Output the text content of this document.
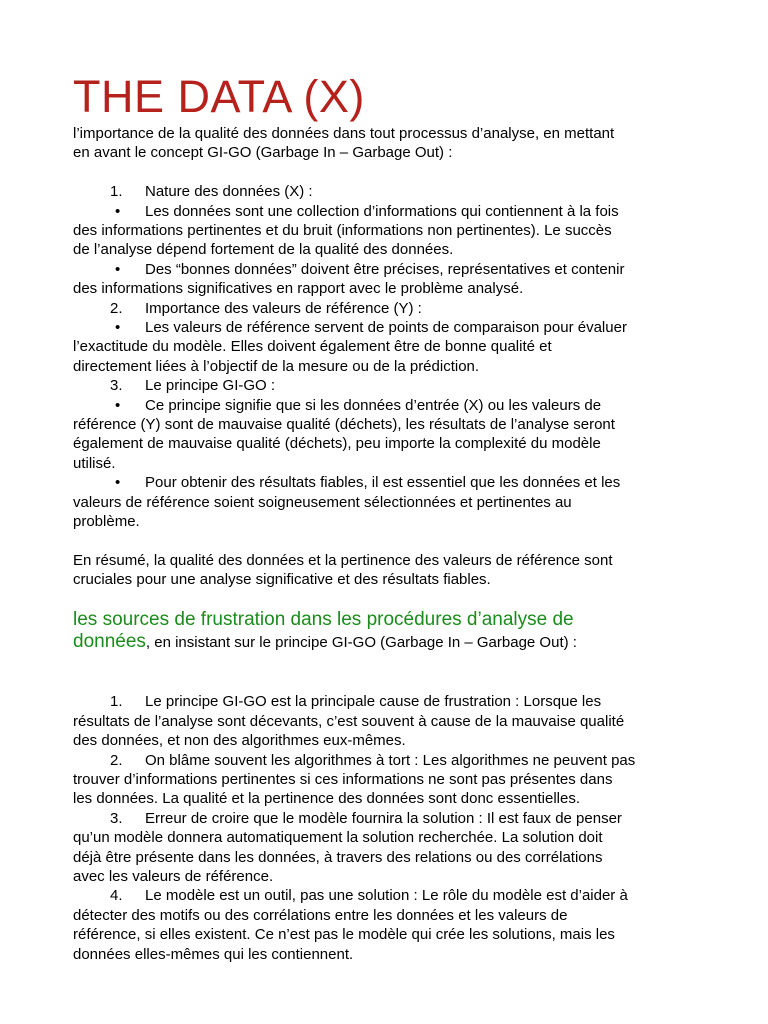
THE DATA (X)
l’importance de la qualité des données dans tout processus d’analyse, en mettant
en avant le concept GI-GO (Garbage In – Garbage Out) :
1. Nature des données (X) :
• Les données sont une collection d’informations qui contiennent à la fois
des informations pertinentes et du bruit (informations non pertinentes). Le succès
de l’analyse dépend fortement de la qualité des données.
• Des “bonnes données” doivent être précises, représentatives et contenir
des informations significatives en rapport avec le problème analysé.
2. Importance des valeurs de référence (Y) :
• Les valeurs de référence servent de points de comparaison pour évaluer
l’exactitude du modèle. Elles doivent également être de bonne qualité et
directement liées à l’objectif de la mesure ou de la prédiction.
3. Le principe GI-GO :
• Ce principe signifie que si les données d’entrée (X) ou les valeurs de
référence (Y) sont de mauvaise qualité (déchets), les résultats de l’analyse seront
également de mauvaise qualité (déchets), peu importe la complexité du modèle
utilisé.
• Pour obtenir des résultats fiables, il est essentiel que les données et les
valeurs de référence soient soigneusement sélectionnées et pertinentes au
problème.
En résumé, la qualité des données et la pertinence des valeurs de référence sont
cruciales pour une analyse significative et des résultats fiables.
les sources de frustration dans les procédures d’analyse de
données, en insistant sur le principe GI-GO (Garbage In – Garbage Out) :
1. Le principe GI-GO est la principale cause de frustration : Lorsque les
résultats de l’analyse sont décevants, c’est souvent à cause de la mauvaise qualité
des données, et non des algorithmes eux-mêmes.
2. On blâme souvent les algorithmes à tort : Les algorithmes ne peuvent pas
trouver d’informations pertinentes si ces informations ne sont pas présentes dans
les données. La qualité et la pertinence des données sont donc essentielles.
3. Erreur de croire que le modèle fournira la solution : Il est faux de penser
qu’un modèle donnera automatiquement la solution recherchée. La solution doit
déjà être présente dans les données, à travers des relations ou des corrélations
avec les valeurs de référence.
4. Le modèle est un outil, pas une solution : Le rôle du modèle est d’aider à
détecter des motifs ou des corrélations entre les données et les valeurs de
référence, si elles existent. Ce n’est pas le modèle qui crée les solutions, mais les
données elles-mêmes qui les contiennent.
